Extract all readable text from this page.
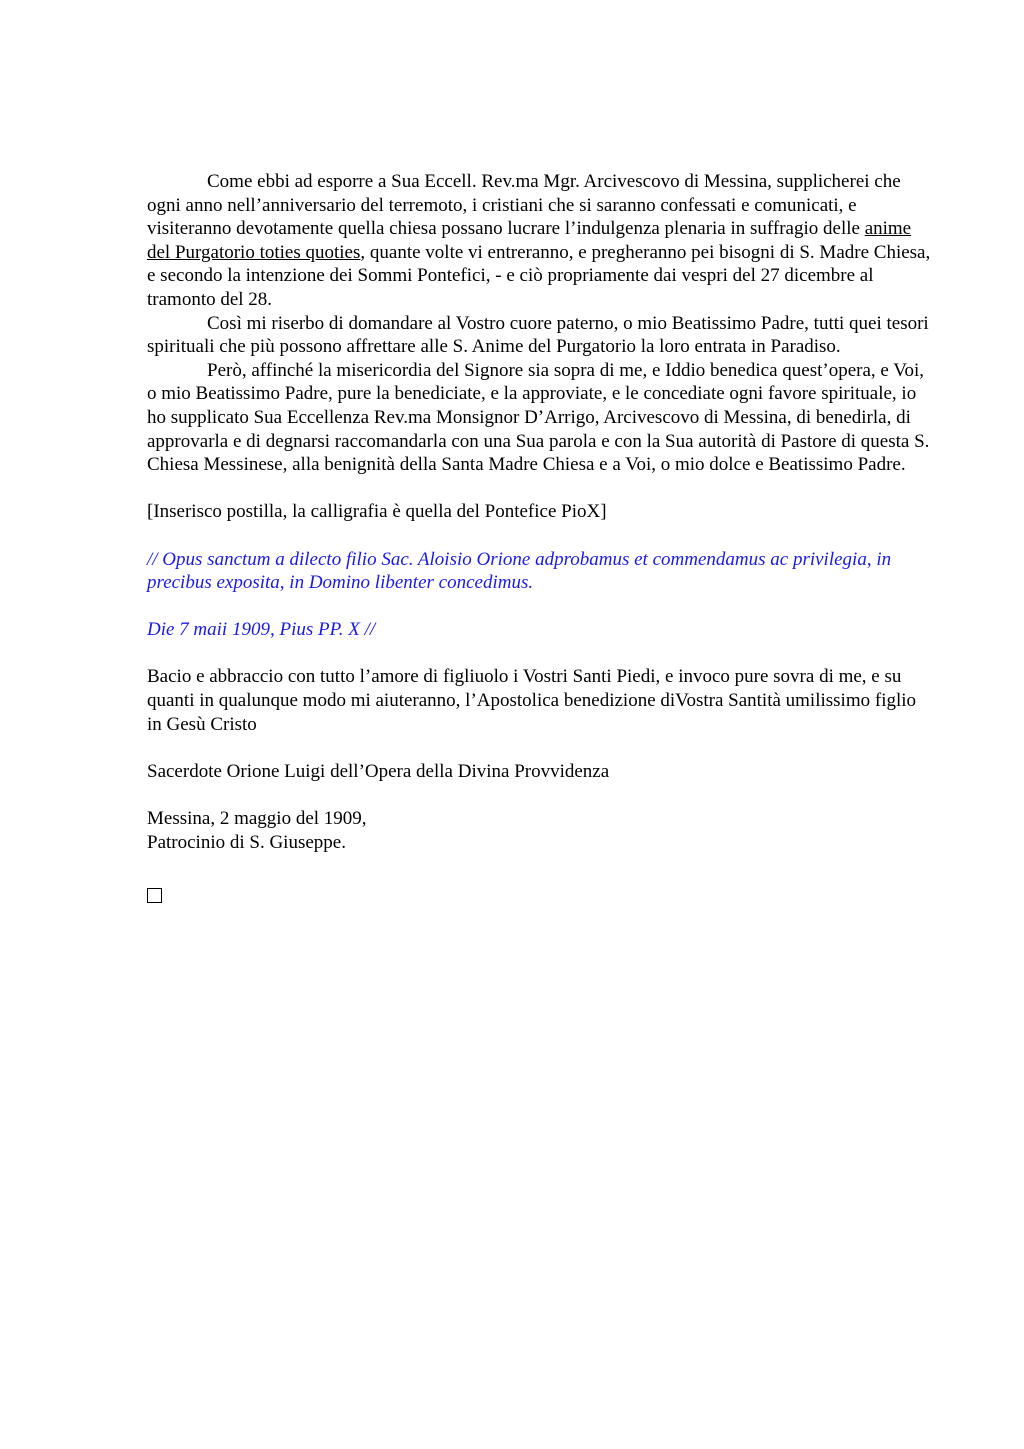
Come ebbi ad esporre a Sua Eccell. Rev.ma Mgr. Arcivescovo di Messina, supplicherei che ogni anno nell’anniversario del terremoto, i cristiani che si saranno confessati e comunicati, e visiteranno devotamente quella chiesa possano lucrare l’indulgenza plenaria in suffragio delle anime del Purgatorio toties quoties, quante volte vi entreranno, e pregheranno pei bisogni di S. Madre Chiesa, e secondo la intenzione dei Sommi Pontefici, - e ciò propriamente dai vespri del 27 dicembre al tramonto del 28.

Così mi riserbo di domandare al Vostro cuore paterno, o mio Beatissimo Padre, tutti quei tesori spirituali che più possono affrettare alle S. Anime del Purgatorio la loro entrata in Paradiso.

Però, affinché la misericordia del Signore sia sopra di me, e Iddio benedica quest’opera, e Voi, o mio Beatissimo Padre, pure la benediciate, e la approviate, e le concediate ogni favore spirituale, io ho supplicato Sua Eccellenza Rev.ma Monsignor D’Arrigo, Arcivescovo di Messina, di benedirla, di approvarla e di degnarsi raccomandarla con una Sua parola e con la Sua autorità di Pastore di questa S. Chiesa Messinese, alla benignità della Santa Madre Chiesa e a Voi, o mio dolce e Beatissimo Padre.

[Inserisco postilla, la calligrafia è quella del Pontefice PioX]

// Opus sanctum a dilecto filio Sac. Aloisio Orione adprobamus et commendamus ac privilegia, in precibus exposita, in Domino libenter concedimus.

Die 7 maii 1909, Pius PP. X //

Bacio e abbraccio con tutto l’amore di figliuolo i Vostri Santi Piedi, e invoco pure sovra di me, e su quanti in qualunque modo mi aiuteranno, l’Apostolica benedizione diVostra Santità umilissimo figlio in Gesù Cristo

Sacerdote Orione Luigi dell’Opera della Divina Provvidenza

Messina, 2 maggio del 1909,

Patrocinio di S. Giuseppe.
